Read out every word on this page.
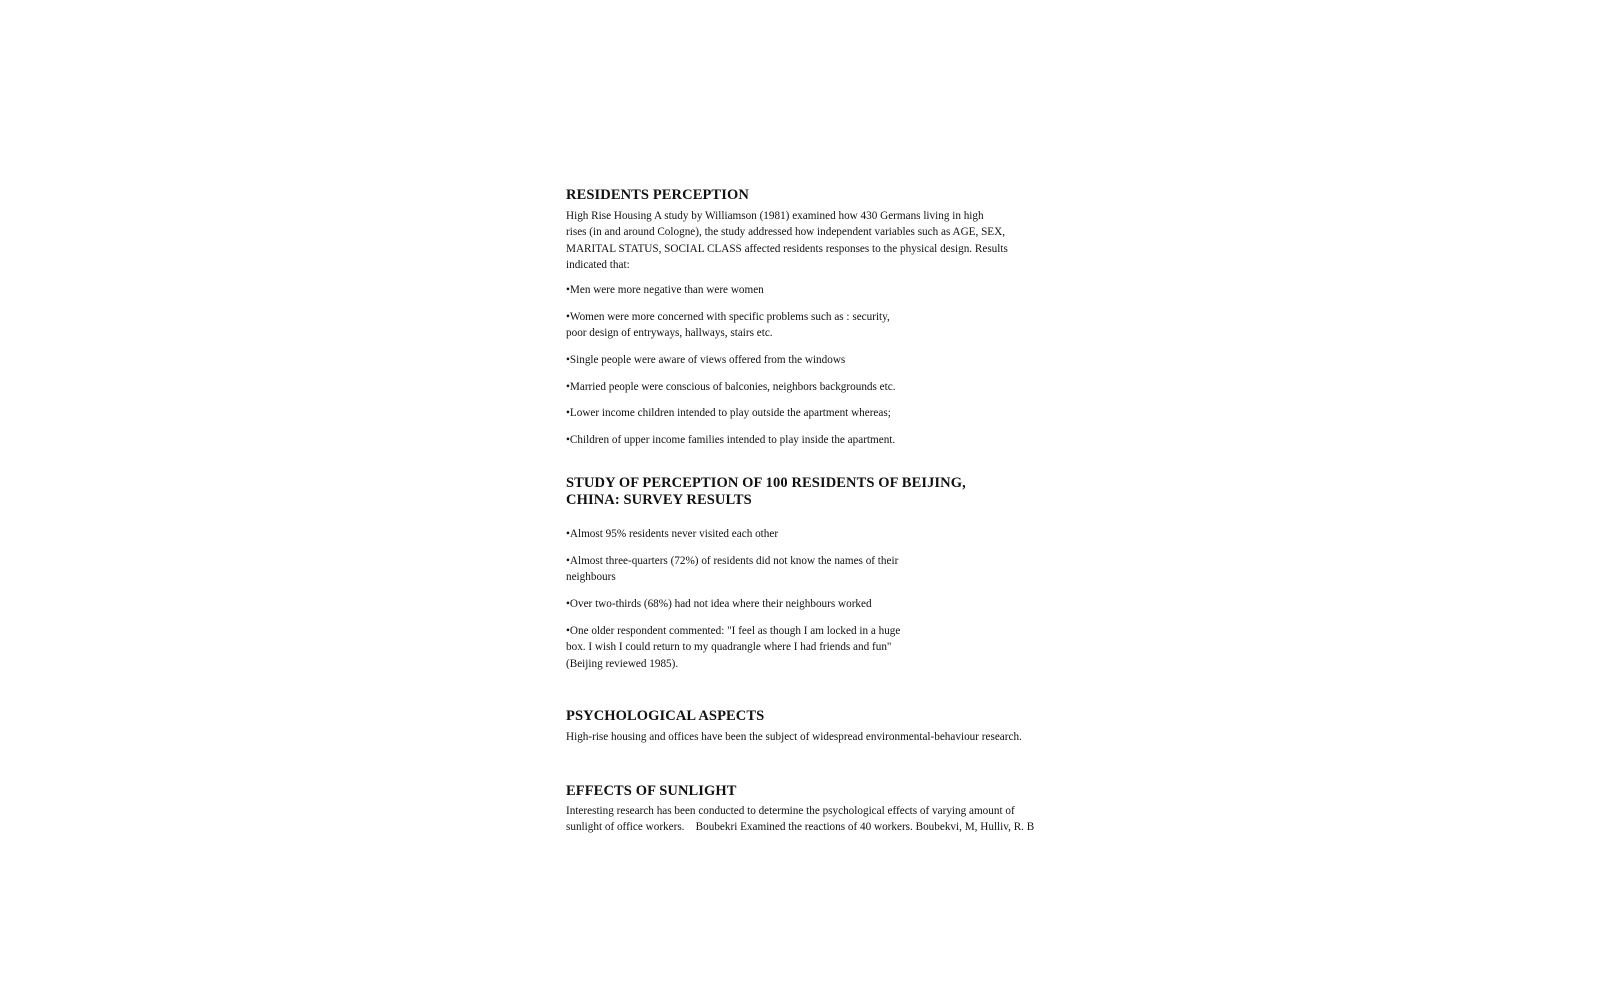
RESIDENTS PERCEPTION
High Rise Housing A study by Williamson (1981) examined how 430 Germans living in high
rises (in and around Cologne), the study addressed how independent variables such as AGE, SEX,
MARITAL STATUS, SOCIAL CLASS affected residents responses to the physical design. Results
indicated that:
•Men were more negative than were women
•Women were more concerned with specific problems such as : security,
poor design of entryways, hallways, stairs etc.
•Single people were aware of views offered from the windows
•Married people were conscious of balconies, neighbors backgrounds etc.
•Lower income children intended to play outside the apartment whereas;
•Children of upper income families intended to play inside the apartment.
STUDY OF PERCEPTION OF 100 RESIDENTS OF BEIJING,
CHINA: SURVEY RESULTS
•Almost 95% residents never visited each other
•Almost three-quarters (72%) of residents did not know the names of their
neighbours
•Over two-thirds (68%) had not idea where their neighbours worked
•One older respondent commented: "I feel as though I am locked in a huge
box. I wish I could return to my quadrangle where I had friends and fun"
(Beijing reviewed 1985).
PSYCHOLOGICAL ASPECTS
High-rise housing and offices have been the subject of widespread environmental-behaviour research.
EFFECTS OF SUNLIGHT
Interesting research has been conducted to determine the psychological effects of varying amount of
sunlight of office workers.    Boubekri Examined the reactions of 40 workers. Boubekvi, M, Hulliv, R. B
